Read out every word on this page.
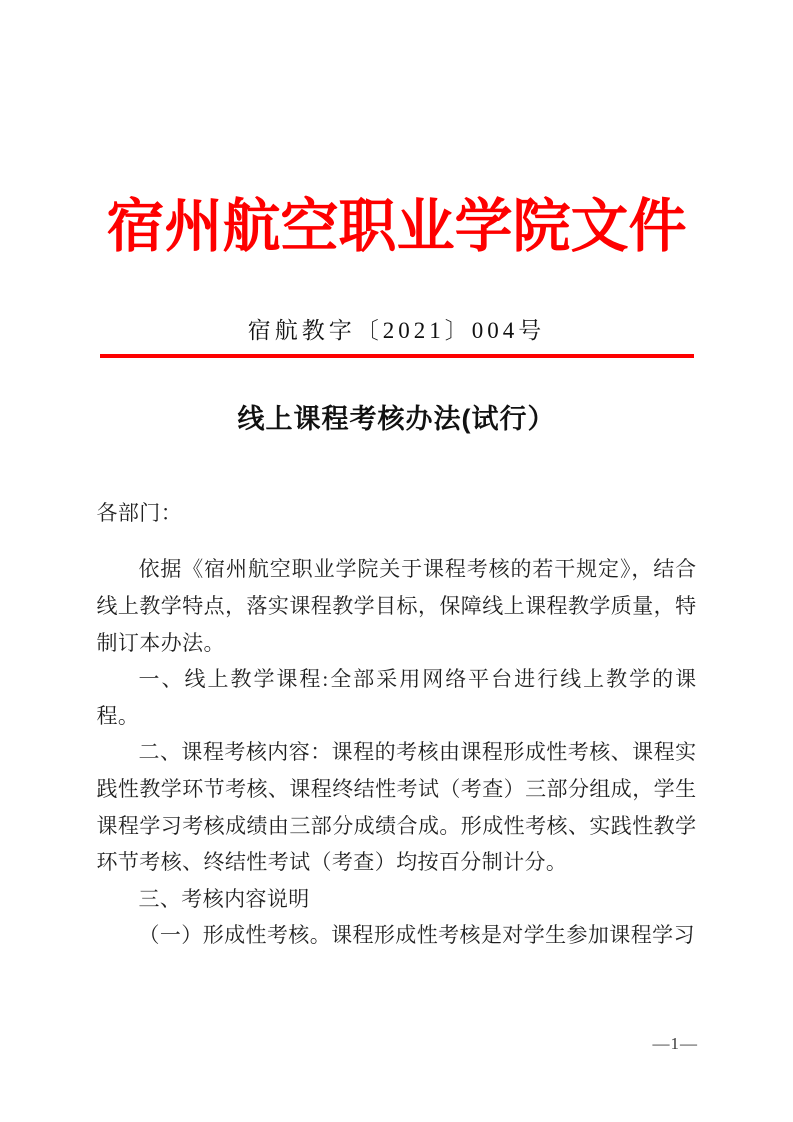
宿州航空职业学院文件
宿航教字〔2021〕004号
线上课程考核办法(试行）

各部门：

依据《宿州航空职业学院关于课程考核的若干规定》，结合线上教学特点，落实课程教学目标，保障线上课程教学质量，特制订本办法。

一、线上教学课程:全部采用网络平台进行线上教学的课程。

二、课程考核内容：课程的考核由课程形成性考核、课程实践性教学环节考核、课程终结性考试（考查）三部分组成，学生课程学习考核成绩由三部分成绩合成。形成性考核、实践性教学环节考核、终结性考试（考查）均按百分制计分。

三、考核内容说明

（一）形成性考核。课程形成性考核是对学生参加课程学习

—1—
